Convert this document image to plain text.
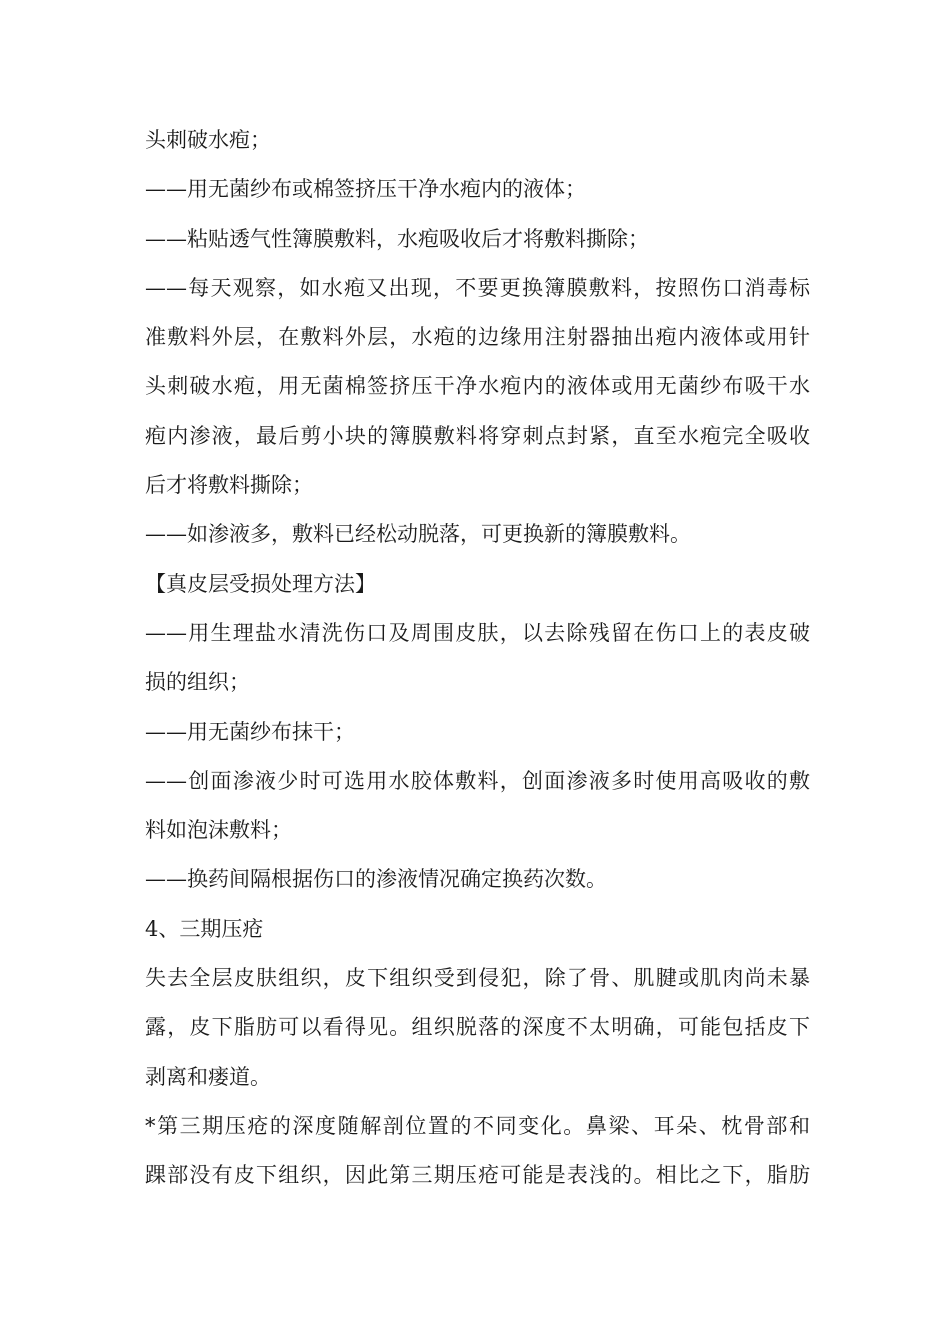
头刺破水疱；
——用无菌纱布或棉签挤压干净水疱内的液体；
——粘贴透气性簿膜敷料，水疱吸收后才将敷料撕除；
——每天观察，如水疱又出现，不要更换簿膜敷料，按照伤口消毒标
准敷料外层，在敷料外层，水疱的边缘用注射器抽出疱内液体或用针
头刺破水疱，用无菌棉签挤压干净水疱内的液体或用无菌纱布吸干水
疱内渗液，最后剪小块的簿膜敷料将穿刺点封紧，直至水疱完全吸收
后才将敷料撕除；
——如渗液多，敷料已经松动脱落，可更换新的簿膜敷料。
【真皮层受损处理方法】
——用生理盐水清洗伤口及周围皮肤，以去除残留在伤口上的表皮破
损的组织；
——用无菌纱布抹干；
——创面渗液少时可选用水胶体敷料，创面渗液多时使用高吸收的敷
料如泡沫敷料；
——换药间隔根据伤口的渗液情况确定换药次数。
4、三期压疮
失去全层皮肤组织，皮下组织受到侵犯，除了骨、肌腱或肌肉尚未暴
露，皮下脂肪可以看得见。组织脱落的深度不太明确，可能包括皮下
剥离和瘘道。
*第三期压疮的深度随解剖位置的不同变化。鼻梁、耳朵、枕骨部和
踝部没有皮下组织，因此第三期压疮可能是表浅的。相比之下，脂肪
